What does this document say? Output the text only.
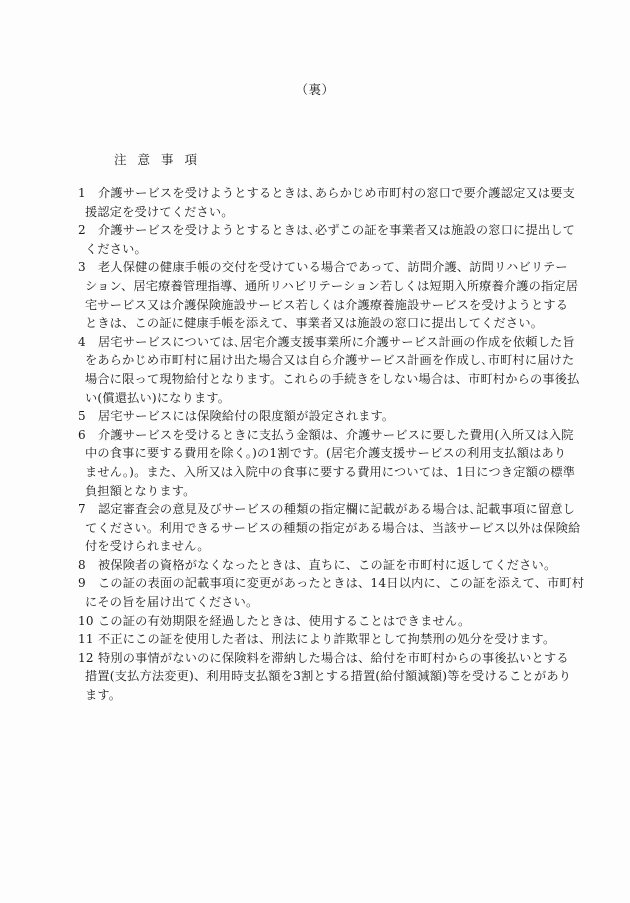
（裏）
注意事項
1 介護サービスを受けようとするときは､あらかじめ市町村の窓口で要介護認定又は要支
援認定を受けてください。
2 介護サービスを受けようとするときは､必ずこの証を事業者又は施設の窓口に提出して
ください。
3 老人保健の健康手帳の交付を受けている場合であって、訪問介護、訪問リハビリテー
ション、居宅療養管理指導、通所リハビリテーション若しくは短期入所療養介護の指定居
宅サービス又は介護保険施設サービス若しくは介護療養施設サービスを受けようとする
ときは、この証に健康手帳を添えて、事業者又は施設の窓口に提出してください。
4 居宅サービスについては､居宅介護支援事業所に介護サービス計画の作成を依頼した旨
をあらかじめ市町村に届け出た場合又は自ら介護サービス計画を作成し､市町村に届けた
場合に限って現物給付となります。これらの手続きをしない場合は、市町村からの事後払
い(償還払い)になります。
5 居宅サービスには保険給付の限度額が設定されます。
6 介護サービスを受けるときに支払う金額は、介護サービスに要した費用(入所又は入院
中の食事に要する費用を除く。)の1割です。(居宅介護支援サービスの利用支払額はあり
ません。)。また、入所又は入院中の食事に要する費用については、1日につき定額の標準
負担額となります。
7 認定審査会の意見及びサービスの種類の指定欄に記載がある場合は､記載事項に留意し
てください。利用できるサービスの種類の指定がある場合は、当該サービス以外は保険給
付を受けられません。
8 被保険者の資格がなくなったときは、直ちに、この証を市町村に返してください。
9 この証の表面の記載事項に変更があったときは、14日以内に、この証を添えて、市町村
にその旨を届け出てください。
10 この証の有効期限を経過したときは、使用することはできません。
11 不正にこの証を使用した者は、刑法により詐欺罪として拘禁刑の処分を受けます。
12 特別の事情がないのに保険料を滞納した場合は、給付を市町村からの事後払いとする
措置(支払方法変更)、利用時支払額を3割とする措置(給付額減額)等を受けることがあり
ます。
